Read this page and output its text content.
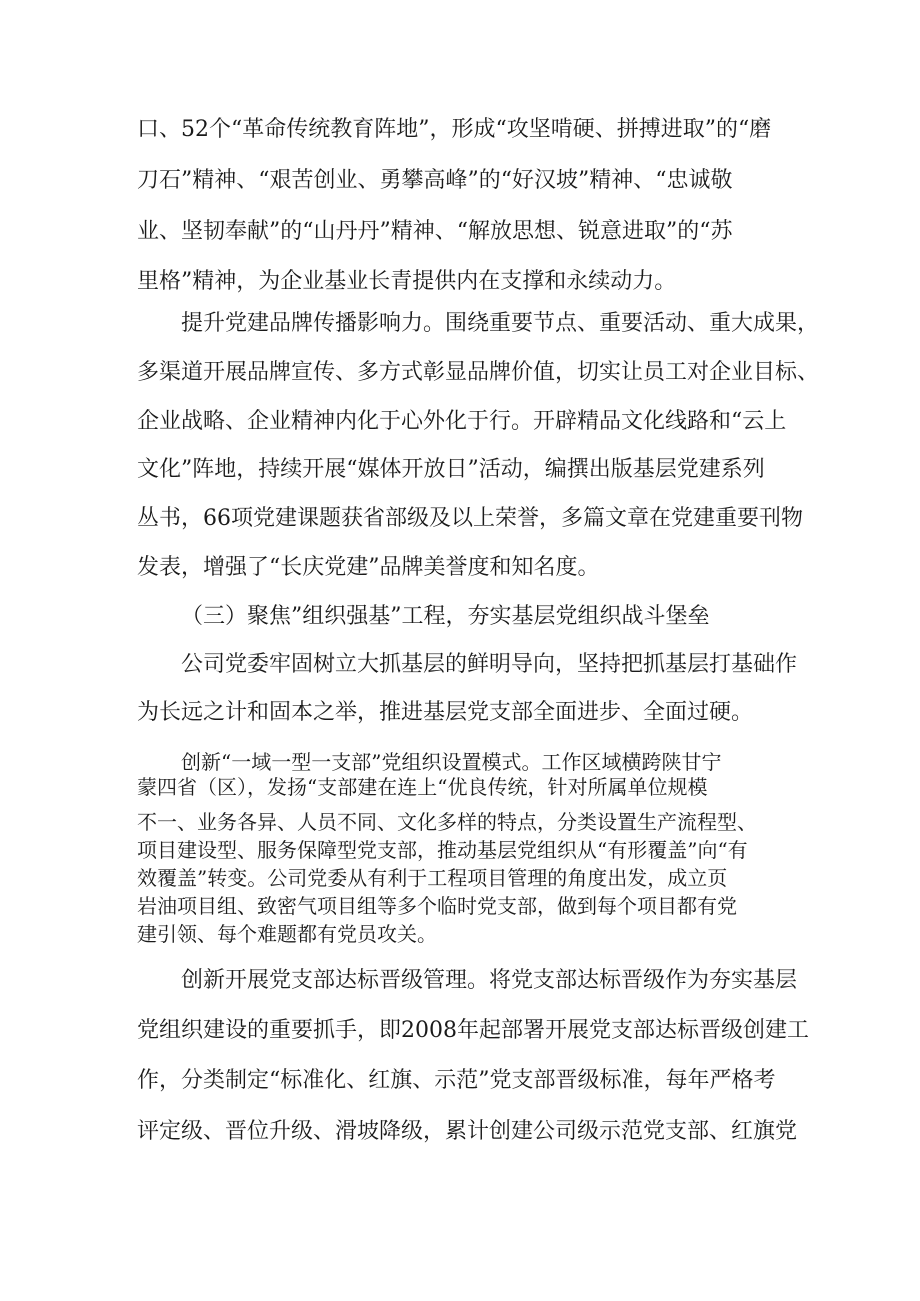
口、52个“革命传统教育阵地”，形成“攻坚啃硬、拼搏进取”的“磨
刀石”精神、“艰苦创业、勇攀高峰”的“好汉坡”精神、“忠诚敬
业、坚韧奉献”的“山丹丹”精神、“解放思想、锐意进取”的“苏
里格”精神，为企业基业长青提供内在支撑和永续动力。
提升党建品牌传播影响力。围绕重要节点、重要活动、重大成果，
多渠道开展品牌宣传、多方式彰显品牌价值，切实让员工对企业目标、
企业战略、企业精神内化于心外化于行。开辟精品文化线路和“云上
文化”阵地，持续开展“媒体开放日”活动，编撰出版基层党建系列
丛书，66项党建课题获省部级及以上荣誉，多篇文章在党建重要刊物
发表，增强了“长庆党建”品牌美誉度和知名度。
（三）聚焦”组织强基”工程，夯实基层党组织战斗堡垒
公司党委牢固树立大抓基层的鲜明导向，坚持把抓基层打基础作
为长远之计和固本之举，推进基层党支部全面进步、全面过硬。
创新“一域一型一支部”党组织设置模式。工作区域横跨陕甘宁
蒙四省（区），发扬“支部建在连上“优良传统，针对所属单位规模
不一、业务各异、人员不同、文化多样的特点，分类设置生产流程型、
项目建设型、服务保障型党支部，推动基层党组织从“有形覆盖”向“有
效覆盖”转变。公司党委从有利于工程项目管理的角度出发，成立页
岩油项目组、致密气项目组等多个临时党支部，做到每个项目都有党
建引领、每个难题都有党员攻关。
创新开展党支部达标晋级管理。将党支部达标晋级作为夯实基层
党组织建设的重要抓手，即2008年起部署开展党支部达标晋级创建工
作，分类制定“标准化、红旗、示范”党支部晋级标准，每年严格考
评定级、晋位升级、滑坡降级，累计创建公司级示范党支部、红旗党
